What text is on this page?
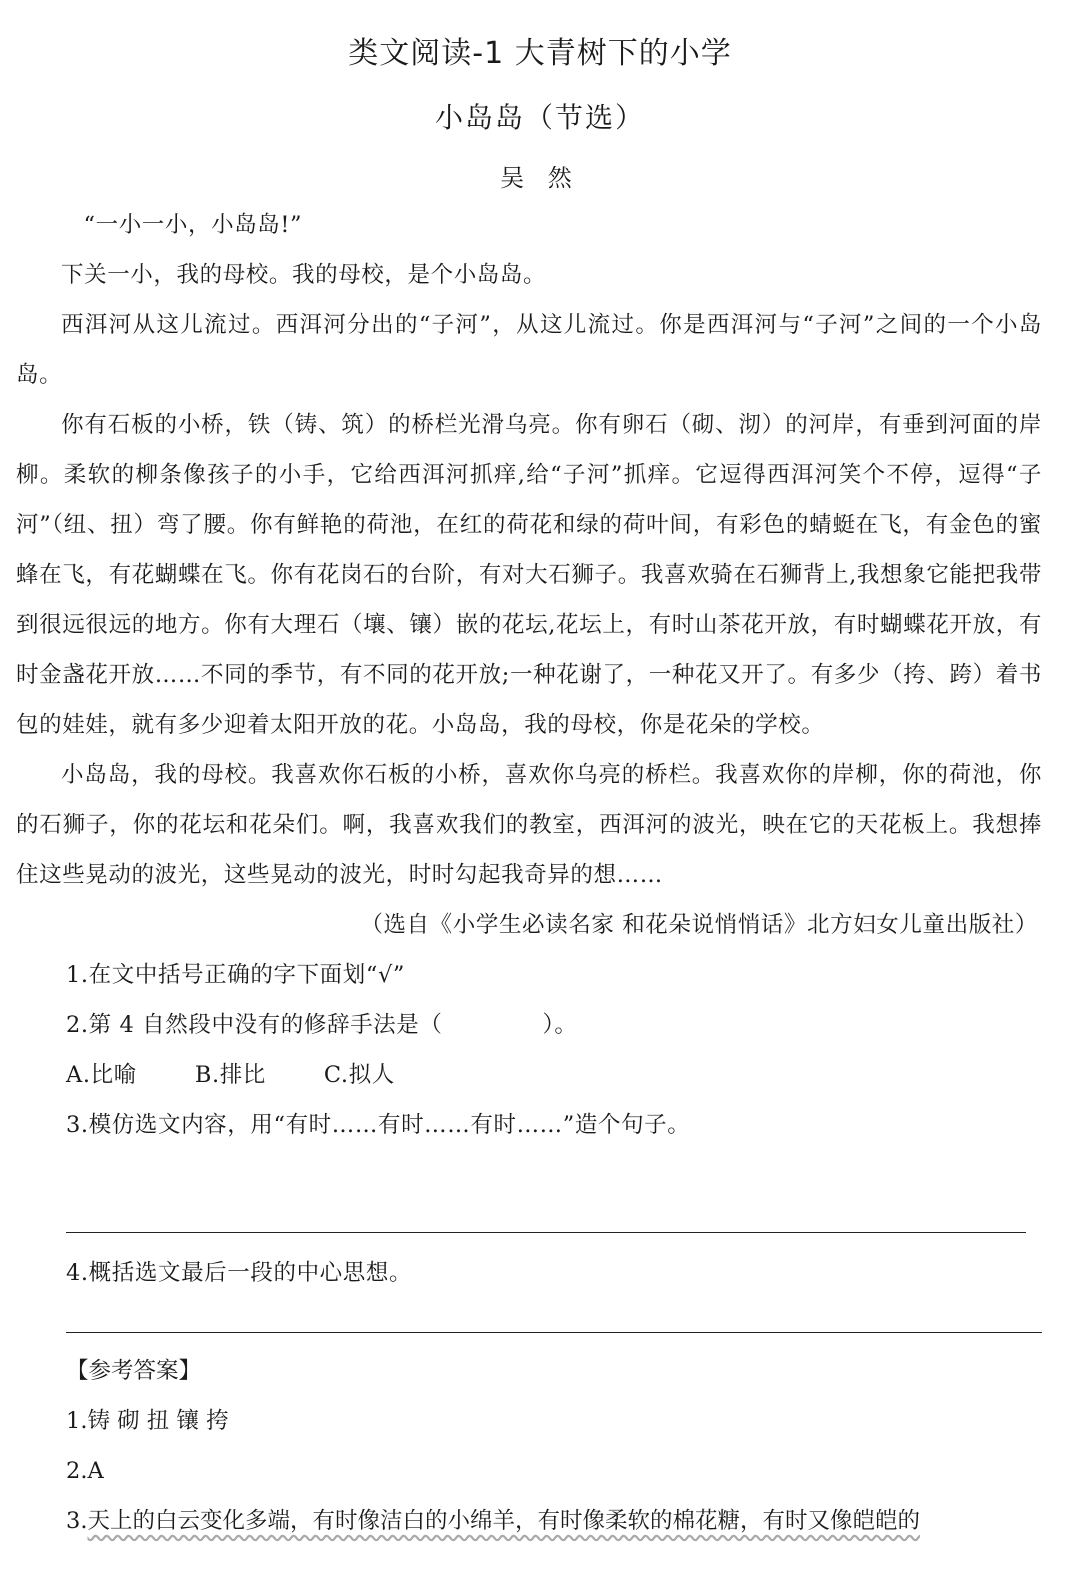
类文阅读-1 大青树下的小学
小岛岛（节选）
吴 然

“一小一小，小岛岛!”

下关一小，我的母校。我的母校，是个小岛岛。

西洱河从这儿流过。西洱河分出的“子河”，从这儿流过。你是西洱河与“子河”之间的一个小岛岛。

你有石板的小桥，铁（铸、筑）的桥栏光滑乌亮。你有卵石（砌、沏）的河岸，有垂到河面的岸柳。柔软的柳条像孩子的小手，它给西洱河抓痒,给“子河”抓痒。它逗得西洱河笑个不停，逗得“子河”（纽、扭）弯了腰。你有鲜艳的荷池，在红的荷花和绿的荷叶间，有彩色的蜻蜓在飞，有金色的蜜蜂在飞，有花蝴蝶在飞。你有花岗石的台阶，有对大石狮子。我喜欢骑在石狮背上,我想象它能把我带到很远很远的地方。你有大理石（壤、镶）嵌的花坛,花坛上，有时山茶花开放，有时蝴蝶花开放，有时金盏花开放……不同的季节，有不同的花开放;一种花谢了，一种花又开了。有多少（挎、跨）着书包的娃娃，就有多少迎着太阳开放的花。小岛岛，我的母校，你是花朵的学校。

小岛岛，我的母校。我喜欢你石板的小桥，喜欢你乌亮的桥栏。我喜欢你的岸柳，你的荷池，你的石狮子，你的花坛和花朵们。啊，我喜欢我们的教室，西洱河的波光，映在它的天花板上。我想捧住这些晃动的波光，这些晃动的波光，时时勾起我奇异的想……

（选自《小学生必读名家 和花朵说悄悄话》北方妇女儿童出版社）

1.在文中括号正确的字下面划“√”

2.第 4 自然段中没有的修辞手法是（	）。

A.比喻	B.排比	C.拟人

3.模仿选文内容，用“有时……有时……有时……”造个句子。

4.概括选文最后一段的中心思想。
【参考答案】
1.铸 砌 扭 镶 挎
2.A
3.天上的白云变化多端，有时像洁白的小绵羊，有时像柔软的棉花糖，有时又像皑皑的
